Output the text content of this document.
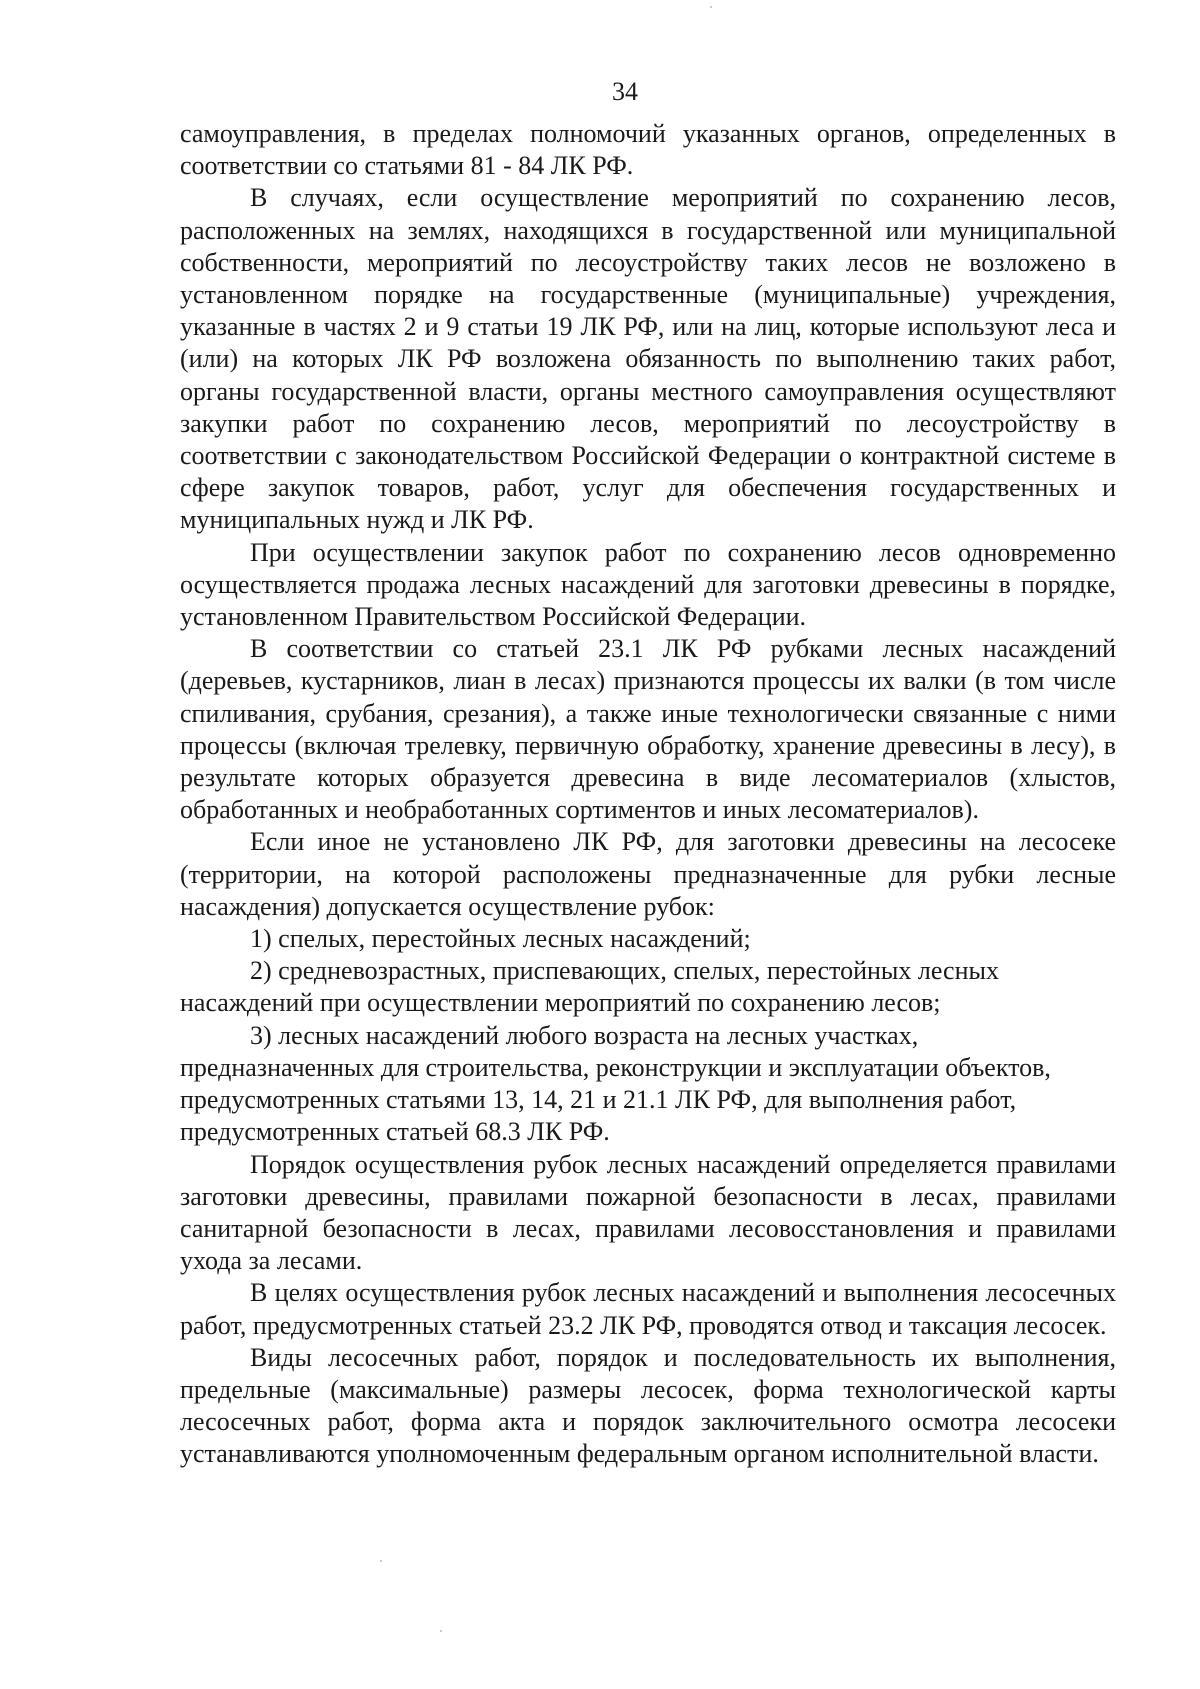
34

самоуправления, в пределах полномочий указанных органов, определенных в соответствии со статьями 81 - 84 ЛК РФ.

В случаях, если осуществление мероприятий по сохранению лесов, расположенных на землях, находящихся в государственной или муниципальной собственности, мероприятий по лесоустройству таких лесов не возложено в установленном порядке на государственные (муниципальные) учреждения, указанные в частях 2 и 9 статьи 19 ЛК РФ, или на лиц, которые используют леса и (или) на которых ЛК РФ возложена обязанность по выполнению таких работ, органы государственной власти, органы местного самоуправления осуществляют закупки работ по сохранению лесов, мероприятий по лесоустройству в соответствии с законодательством Российской Федерации о контрактной системе в сфере закупок товаров, работ, услуг для обеспечения государственных и муниципальных нужд и ЛК РФ.

При осуществлении закупок работ по сохранению лесов одновременно осуществляется продажа лесных насаждений для заготовки древесины в порядке, установленном Правительством Российской Федерации.

В соответствии со статьей 23.1 ЛК РФ рубками лесных насаждений (деревьев, кустарников, лиан в лесах) признаются процессы их валки (в том числе спиливания, срубания, срезания), а также иные технологически связанные с ними процессы (включая трелевку, первичную обработку, хранение древесины в лесу), в результате которых образуется древесина в виде лесоматериалов (хлыстов, обработанных и необработанных сортиментов и иных лесоматериалов).

Если иное не установлено ЛК РФ, для заготовки древесины на лесосеке (территории, на которой расположены предназначенные для рубки лесные насаждения) допускается осуществление рубок:

1) спелых, перестойных лесных насаждений;

2) средневозрастных, приспевающих, спелых, перестойных лесных насаждений при осуществлении мероприятий по сохранению лесов;

3) лесных насаждений любого возраста на лесных участках, предназначенных для строительства, реконструкции и эксплуатации объектов, предусмотренных статьями 13, 14, 21 и 21.1 ЛК РФ, для выполнения работ, предусмотренных статьей 68.3 ЛК РФ.

Порядок осуществления рубок лесных насаждений определяется правилами заготовки древесины, правилами пожарной безопасности в лесах, правилами санитарной безопасности в лесах, правилами лесовосстановления и правилами ухода за лесами.

В целях осуществления рубок лесных насаждений и выполнения лесосечных работ, предусмотренных статьей 23.2 ЛК РФ, проводятся отвод и таксация лесосек.

Виды лесосечных работ, порядок и последовательность их выполнения, предельные (максимальные) размеры лесосек, форма технологической карты лесосечных работ, форма акта и порядок заключительного осмотра лесосеки устанавливаются уполномоченным федеральным органом исполнительной власти.
